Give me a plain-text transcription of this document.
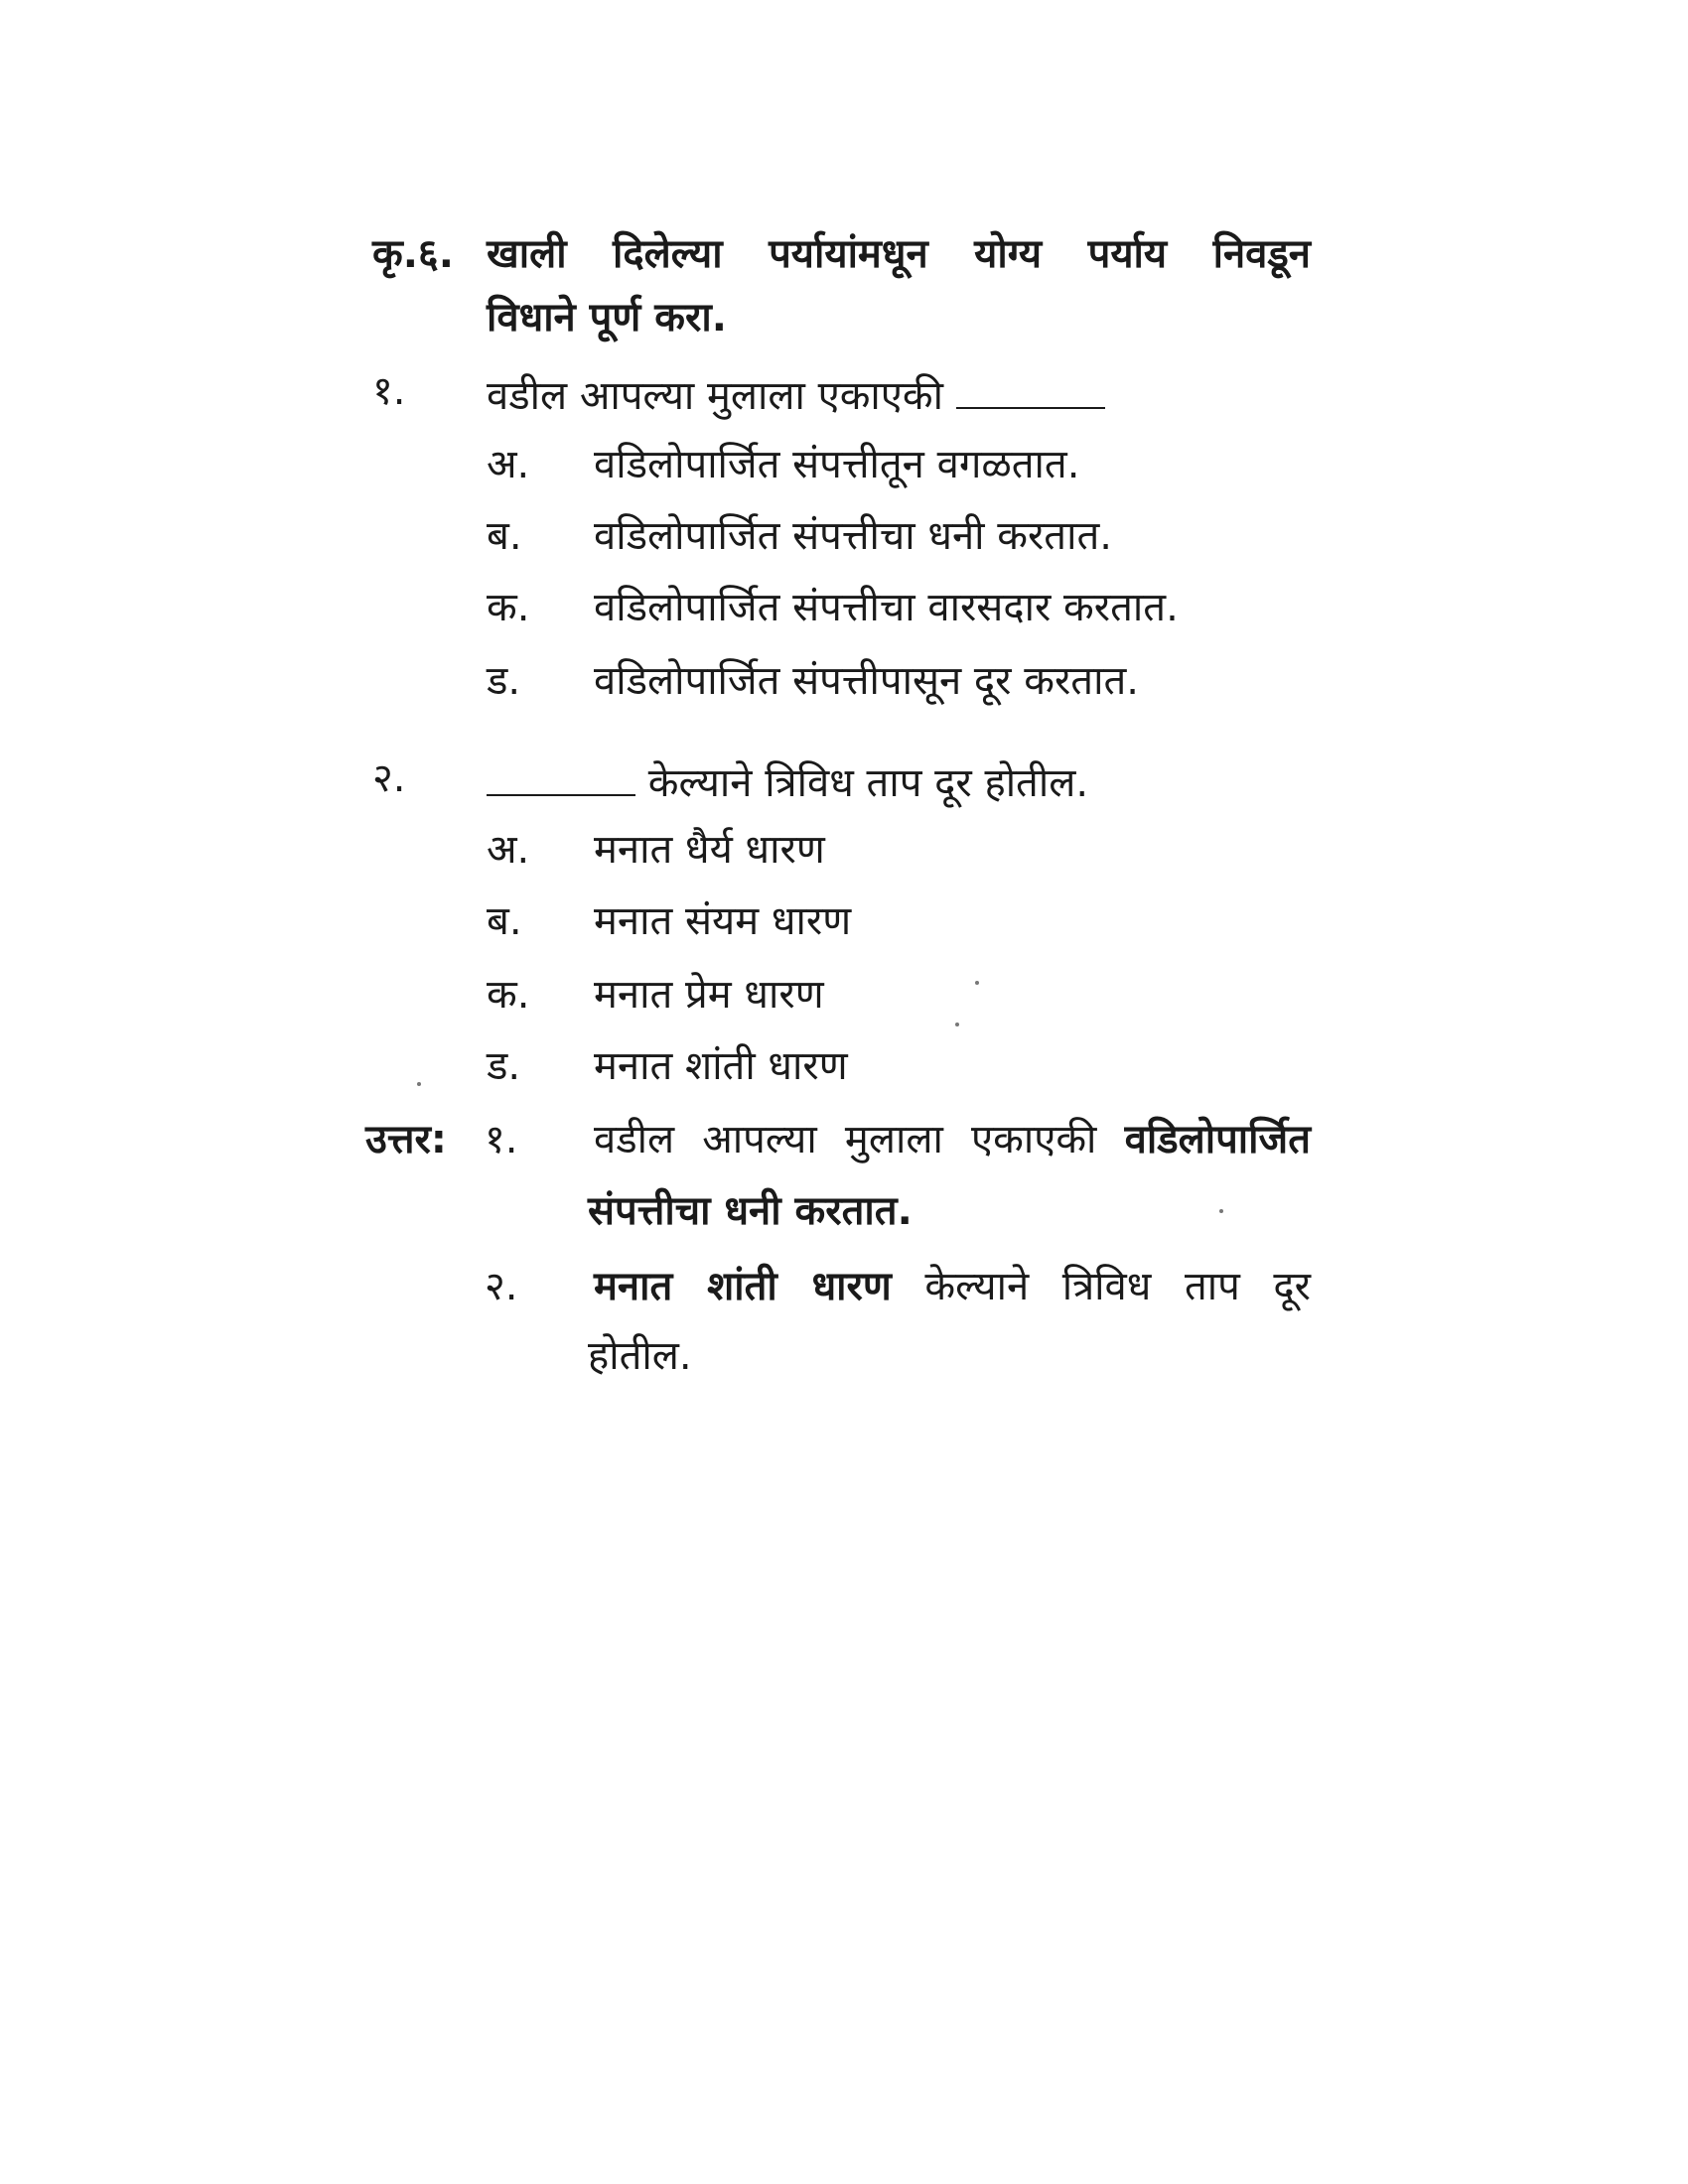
कृ.६. खाली दिलेल्या पर्यायांमधून योग्य पर्याय निवडून
विधाने पूर्ण करा.
१. वडील आपल्या मुलाला एकाएकी
अ. वडिलोपार्जित संपत्तीतून वगळतात.
ब. वडिलोपार्जित संपत्तीचा धनी करतात.
क. वडिलोपार्जित संपत्तीचा वारसदार करतात.
ड. वडिलोपार्जित संपत्तीपासून दूर करतात.
२.	केल्याने त्रिविध ताप दूर होतील.
अ. मनात धैर्य धारण
ब. मनात संयम धारण
क. मनात प्रेम धारण
ड. मनात शांती धारण
उत्तर: १. वडील आपल्या मुलाला एकाएकी वडिलोपार्जित
संपत्तीचा धनी करतात.
२. मनात शांती धारण केल्याने त्रिविध ताप दूर
होतील.
